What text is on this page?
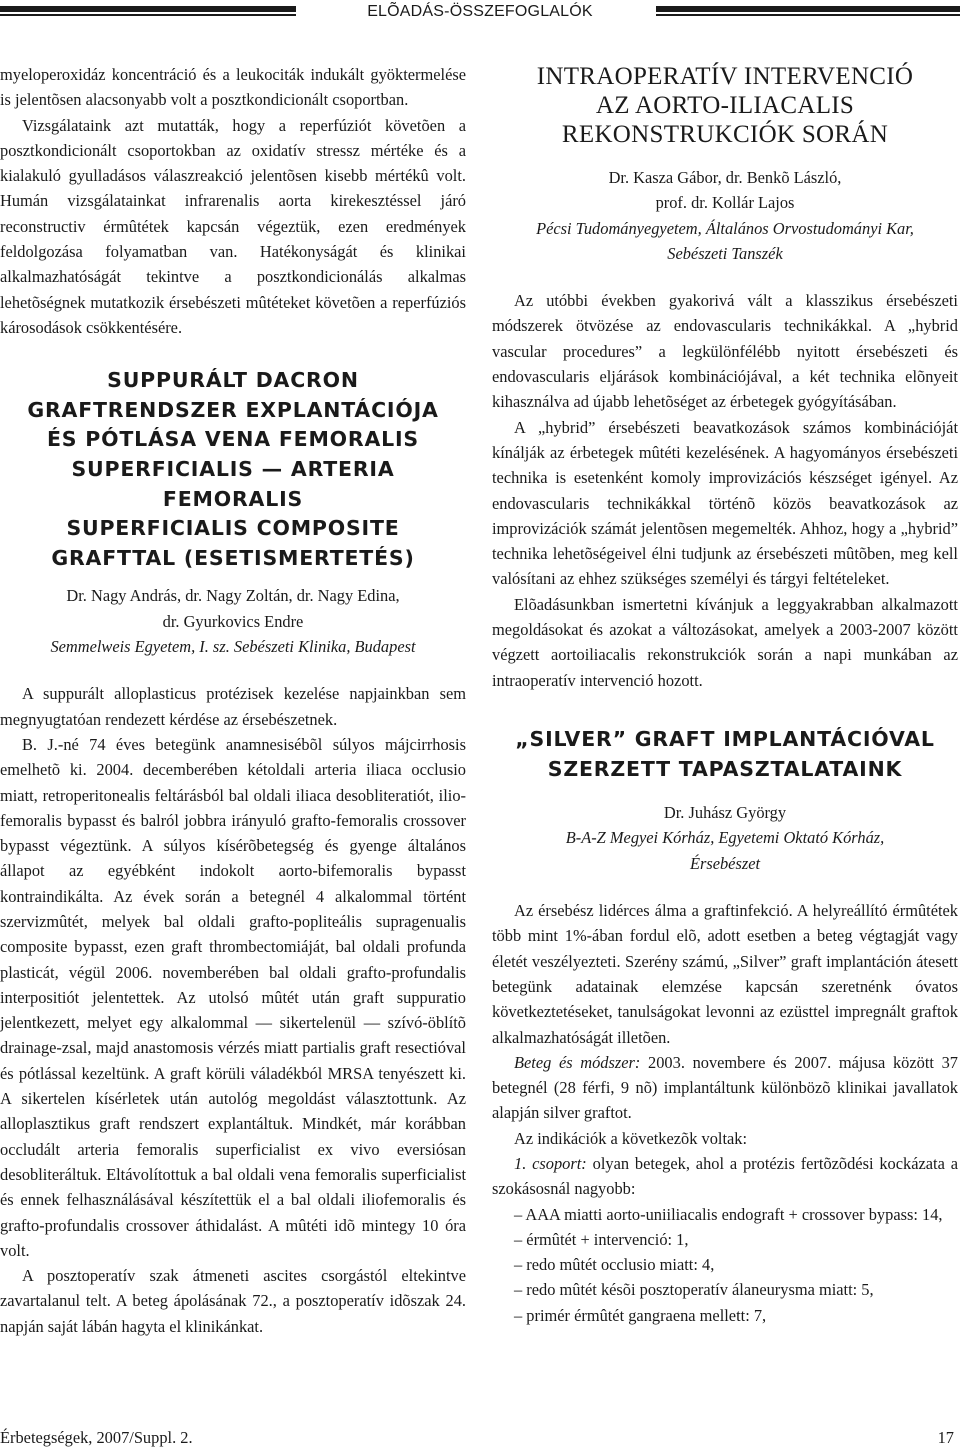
ELÕADÁS-ÖSSZEFOGLALÓK

myeloperoxidáz koncentráció és a leukociták indukált gyöktermelése is jelentõsen alacsonyabb volt a posztkondicionált csoportban.

Vizsgálataink azt mutatták, hogy a reperfúziót követõen a posztkondicionált csoportokban az oxidatív stressz mértéke és a kialakuló gyulladásos válaszreakció jelentõsen kisebb mértékû volt. Humán vizsgálatainkat infrarenalis aorta kirekesztéssel járó reconstructiv érmûtétek kapcsán végeztük, ezen eredmények feldolgozása folyamatban van. Hatékonyságát és klinikai alkalmazhatóságát tekintve a posztkondicionálás alkalmas lehetõségnek mutatkozik érsebészeti mûtéteket követõen a reperfúziós károsodások csökkentésére.

SUPPURÁLT DACRON

GRAFTRENDSZER EXPLANTÁCIÓJA

ÉS PÓTLÁSA VENA FEMORALIS

SUPERFICIALIS — ARTERIA FEMORALIS

SUPERFICIALIS COMPOSITE

GRAFTTAL (ESETISMERTETÉS)

Dr. Nagy András, dr. Nagy Zoltán, dr. Nagy Edina,

dr. Gyurkovics Endre

Semmelweis Egyetem, I. sz. Sebészeti Klinika, Budapest

A suppurált alloplasticus protézisek kezelése napjainkban sem megnyugtatóan rendezett kérdése az érsebészetnek.

B. J.-né 74 éves betegünk anamnesisébõl súlyos májcirrhosis emelhetõ ki. 2004. decemberében kétoldali arteria iliaca occlusio miatt, retroperitonealis feltárásból bal oldali iliaca desobliteratiót, ilio-femoralis bypasst és balról jobbra irányuló grafto-femoralis crossover bypasst végeztünk. A súlyos kísérõbetegség és gyenge általános állapot az egyébként indokolt aorto-bifemoralis bypasst kontraindikálta. Az évek során a betegnél 4 alkalommal történt szervizmûtét, melyek bal oldali grafto-popliteális supragenualis composite bypasst, ezen graft thrombectomiáját, bal oldali profunda plasticát, végül 2006. novemberében bal oldali grafto-profundalis interpositiót jelentettek. Az utolsó mûtét után graft suppuratio jelentkezett, melyet egy alkalommal — sikertelenül — szívó-öblítõ drainage-zsal, majd anastomosis vérzés miatt partialis graft resectióval és pótlással kezeltünk. A graft körüli váladékból MRSA tenyészett ki. A sikertelen kísérletek után autológ megoldást választottunk. Az alloplasztikus graft rendszert explantáltuk. Mindkét, már korábban occludált arteria femoralis superficialist ex vivo eversiósan desobliteráltuk. Eltávolítottuk a bal oldali vena femoralis superficialist és ennek felhasználásával készítettük el a bal oldali iliofemoralis és grafto-profundalis crossover áthidalást. A mûtéti idõ mintegy 10 óra volt.

A posztoperatív szak átmeneti ascites csorgástól eltekintve zavartalanul telt. A beteg ápolásának 72., a posztoperatív idõszak 24. napján saját lábán hagyta el klinikánkat.

INTRAOPERATÍV INTERVENCIÓ

AZ AORTO-ILIACALIS

REKONSTRUKCIÓK SORÁN

Dr. Kasza Gábor, dr. Benkõ László,

prof. dr. Kollár Lajos

Pécsi Tudományegyetem, Általános Orvostudományi Kar,

Sebészeti Tanszék

Az utóbbi években gyakorivá vált a klasszikus érsebészeti módszerek ötvözése az endovascularis technikákkal. A „hybrid vascular procedures” a legkülönfélébb nyitott érsebészeti és endovascularis eljárások kombinációjával, a két technika elõnyeit kihasználva ad újabb lehetõséget az érbetegek gyógyításában.

A „hybrid” érsebészeti beavatkozások számos kombinációját kínálják az érbetegek mûtéti kezelésének. A hagyományos érsebészeti technika is esetenként komoly improvizációs készséget igényel. Az endovascularis technikákkal történõ közös beavatkozások az improvizációk számát jelentõsen megemelték. Ahhoz, hogy a „hybrid” technika lehetõségeivel élni tudjunk az érsebészeti mûtõben, meg kell valósítani az ehhez szükséges személyi és tárgyi feltételeket.

Elõadásunkban ismertetni kívánjuk a leggyakrabban alkalmazott megoldásokat és azokat a változásokat, amelyek a 2003-2007 között végzett aortoiliacalis rekonstrukciók során a napi munkában az intraoperatív intervenció hozott.

„SILVER” GRAFT IMPLANTÁCIÓVAL

SZERZETT TAPASZTALATAINK

Dr. Juhász György

B-A-Z Megyei Kórház, Egyetemi Oktató Kórház,

Érsebészet

Az érsebész lidérces álma a graftinfekció. A helyreállító érmûtétek több mint 1%-ában fordul elõ, adott esetben a beteg végtagját vagy életét veszélyezteti. Szerény számú, „Silver” graft implantáción átesett betegünk adatainak elemzése kapcsán szeretnénk óvatos következtetéseket, tanulságokat levonni az ezüsttel impregnált graftok alkalmazhatóságát illetõen.

Beteg és módszer: 2003. novembere és 2007. májusa között 37 betegnél (28 férfi, 9 nõ) implantáltunk különbözõ klinikai javallatok alapján silver graftot.

Az indikációk a következõk voltak:

1. csoport: olyan betegek, ahol a protézis fertõzõdési kockázata a szokásosnál nagyobb:

– AAA miatti aorto-uniiliacalis endograft + crossover bypass: 14,

– érmûtét + intervenció: 1,

– redo mûtét occlusio miatt: 4,

– redo mûtét késõi posztoperatív álaneurysma miatt: 5,

– primér érmûtét gangraena mellett: 7,

Érbetegségek, 2007/Suppl. 2.	17
